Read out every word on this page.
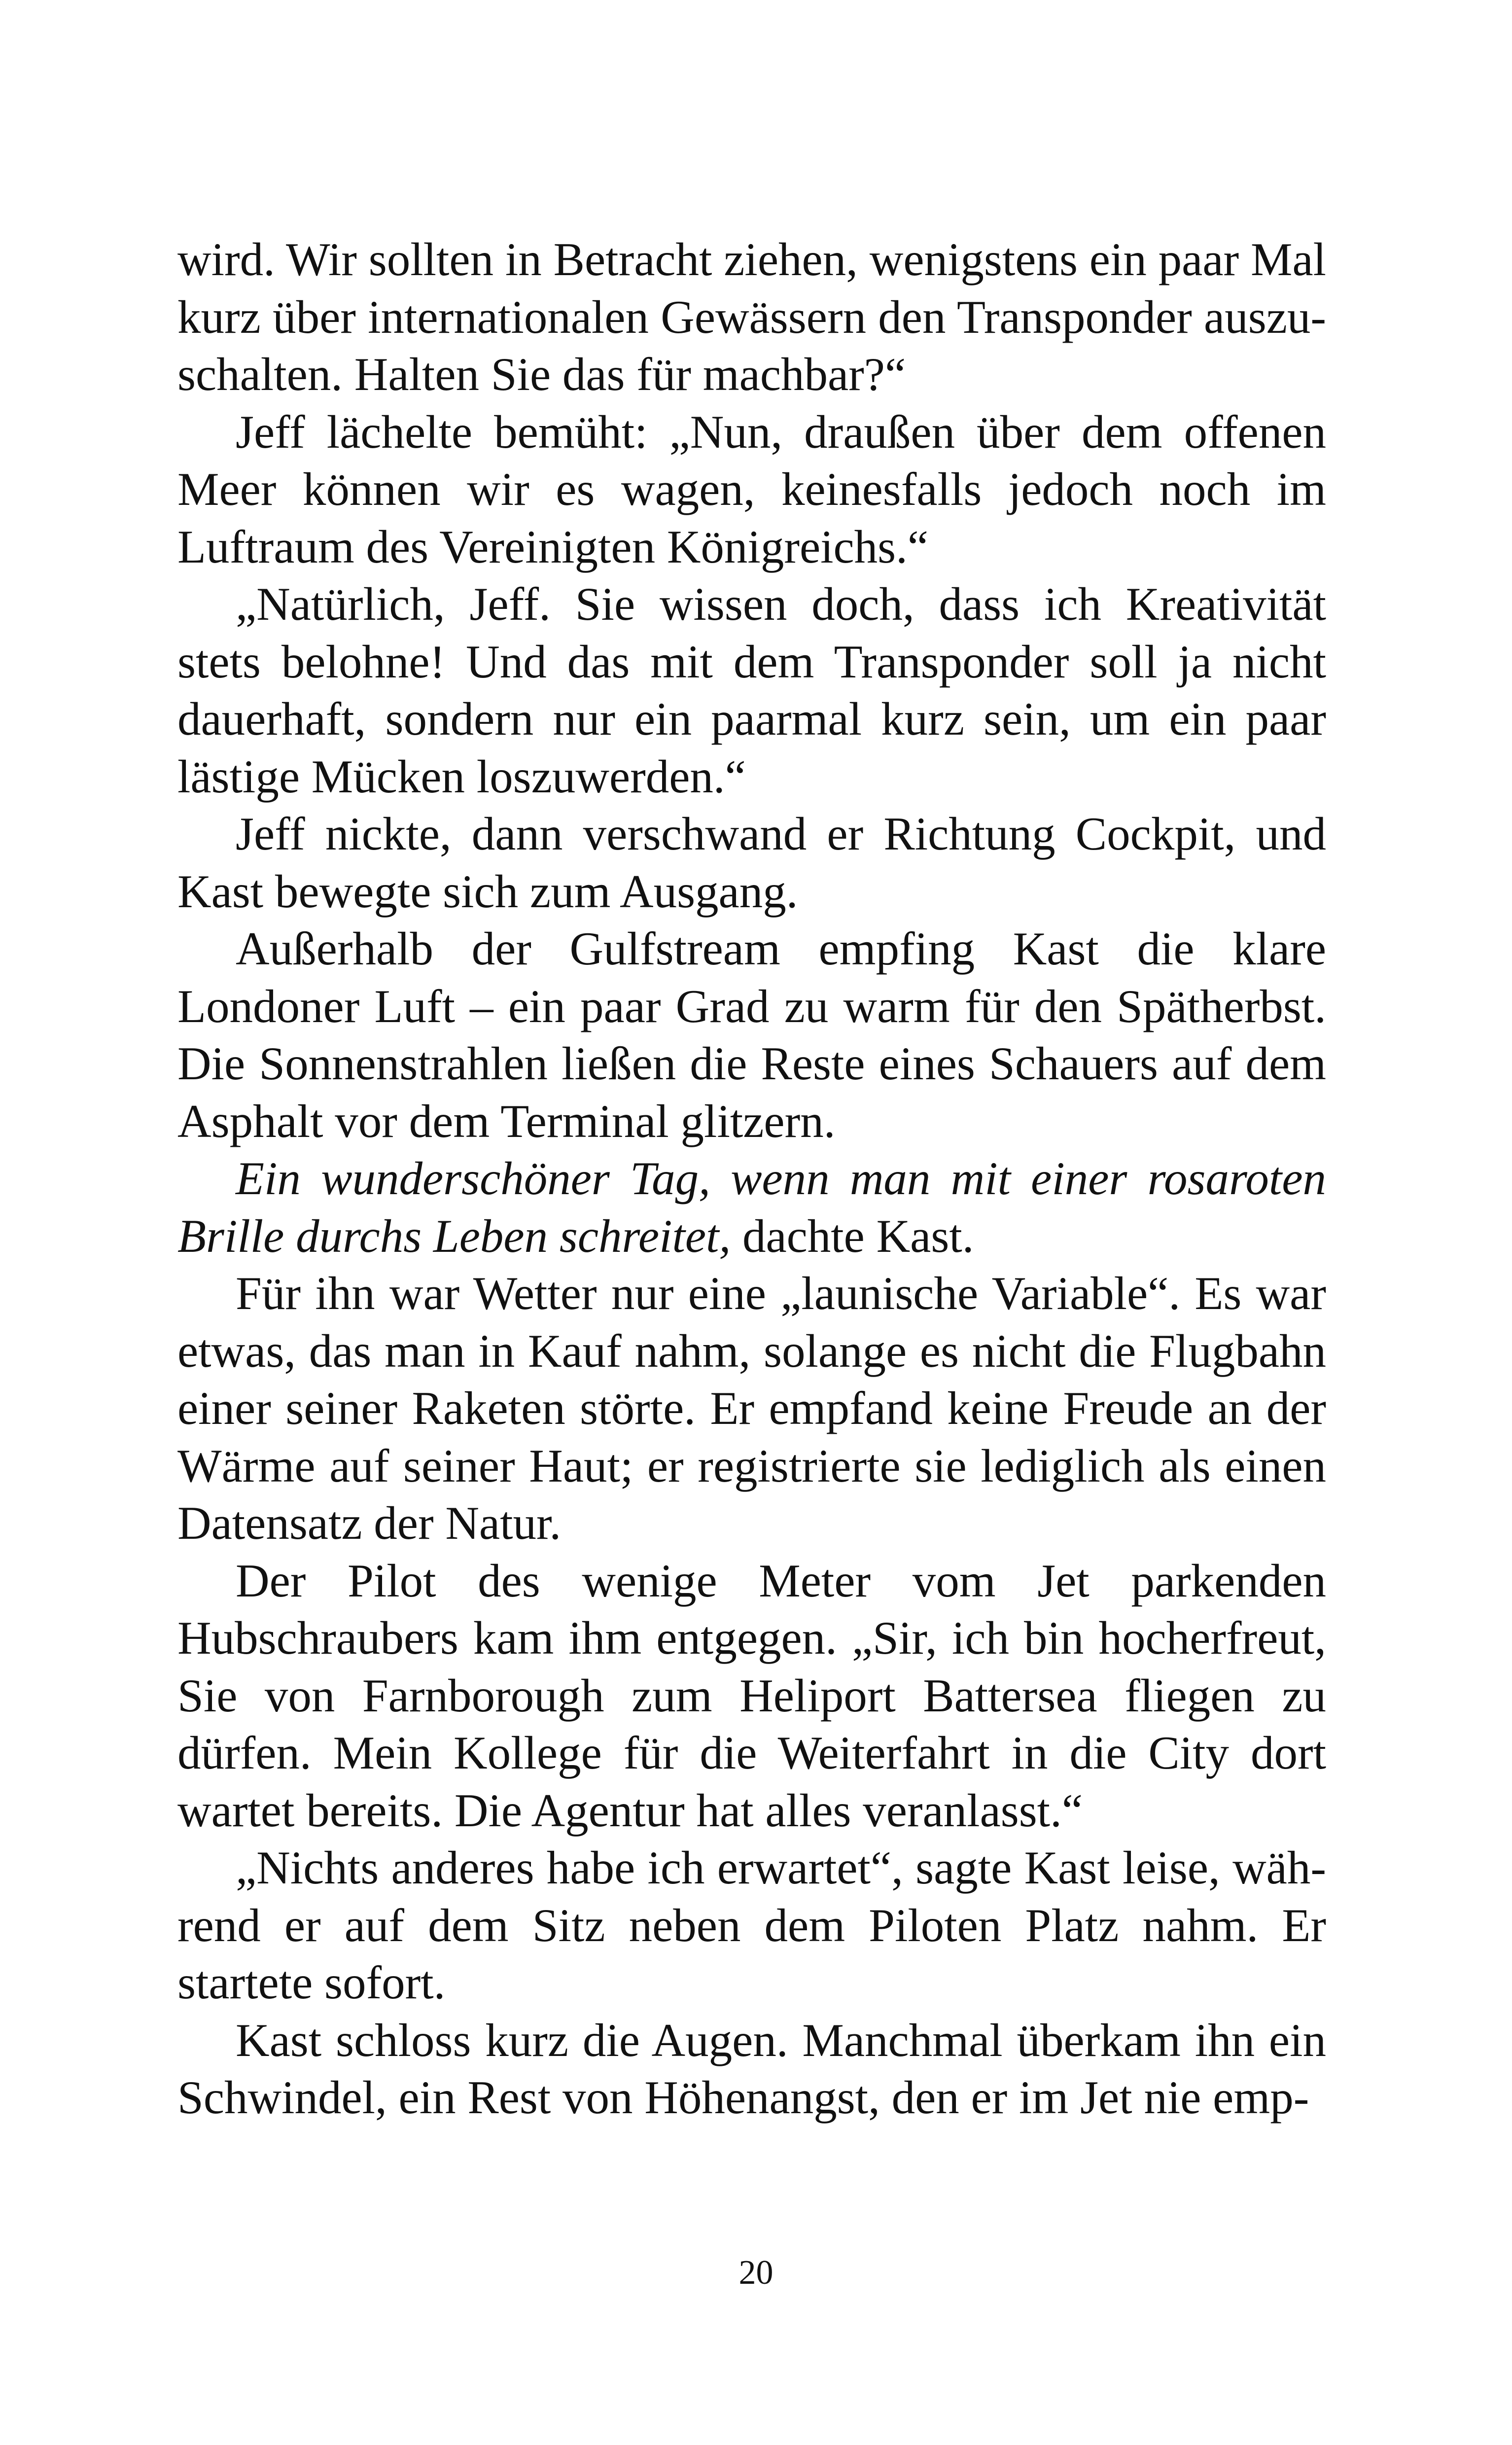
wird. Wir sollten in Betracht ziehen, wenigstens ein paar Mal kurz über internationalen Gewässern den Transponder auszuschalten. Halten Sie das für machbar?“

Jeff lächelte bemüht: „Nun, draußen über dem offenen Meer können wir es wagen, keinesfalls jedoch noch im Luftraum des Vereinigten Königreichs.“

„Natürlich, Jeff. Sie wissen doch, dass ich Kreativität stets belohne! Und das mit dem Transponder soll ja nicht dauerhaft, sondern nur ein paarmal kurz sein, um ein paar lästige Mücken loszuwerden.“

Jeff nickte, dann verschwand er Richtung Cockpit, und Kast bewegte sich zum Ausgang.

Außerhalb der Gulfstream empfing Kast die klare Londoner Luft – ein paar Grad zu warm für den Spätherbst. Die Sonnenstrahlen ließen die Reste eines Schauers auf dem Asphalt vor dem Terminal glitzern.

Ein wunderschöner Tag, wenn man mit einer rosaroten Brille durchs Leben schreitet, dachte Kast.

Für ihn war Wetter nur eine „launische Variable“. Es war etwas, das man in Kauf nahm, solange es nicht die Flugbahn einer seiner Raketen störte. Er empfand keine Freude an der Wärme auf seiner Haut; er registrierte sie lediglich als einen Datensatz der Natur.

Der Pilot des wenige Meter vom Jet parkenden Hubschraubers kam ihm entgegen. „Sir, ich bin hocherfreut, Sie von Farnborough zum Heliport Battersea fliegen zu dürfen. Mein Kollege für die Weiterfahrt in die City dort wartet bereits. Die Agentur hat alles veranlasst.“

„Nichts anderes habe ich erwartet“, sagte Kast leise, während er auf dem Sitz neben dem Piloten Platz nahm. Er startete sofort.

Kast schloss kurz die Augen. Manchmal überkam ihn ein Schwindel, ein Rest von Höhenangst, den er im Jet nie emp-

20
